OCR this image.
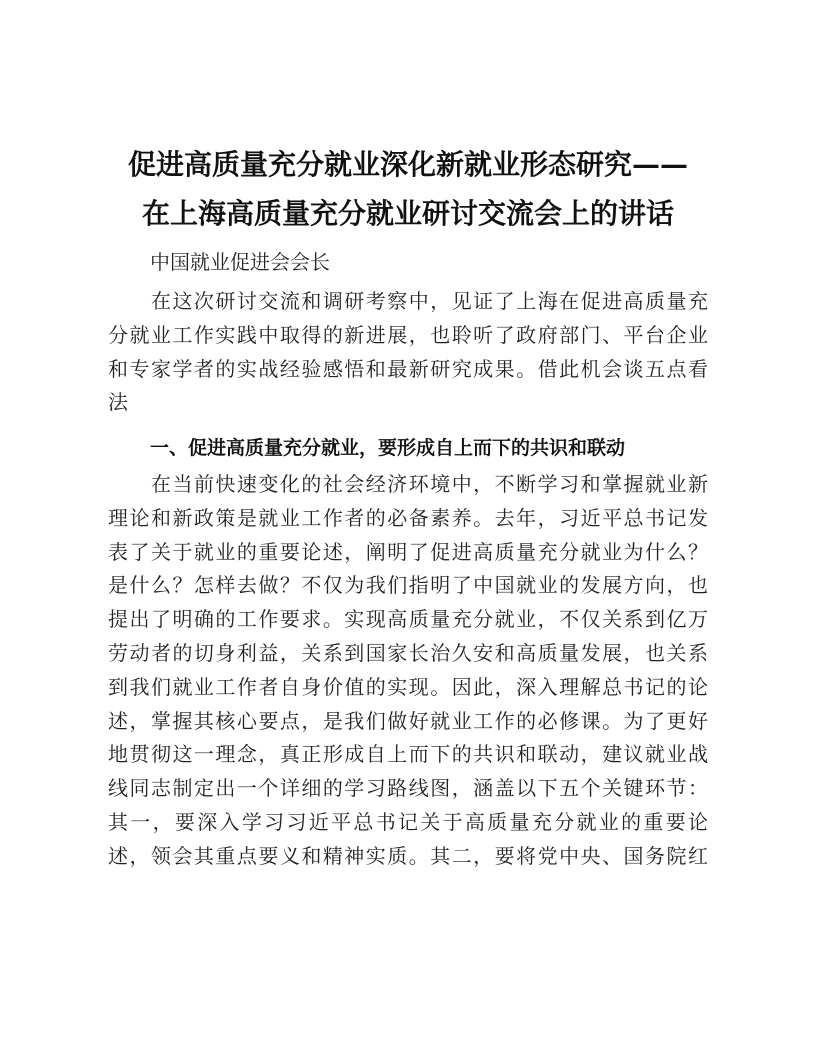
促进高质量充分就业深化新就业形态研究——
在上海高质量充分就业研讨交流会上的讲话
中国就业促进会会长
　　在这次研讨交流和调研考察中，见证了上海在促进高质量充
分就业工作实践中取得的新进展，也聆听了政府部门、平台企业
和专家学者的实战经验感悟和最新研究成果。借此机会谈五点看
法
一、促进高质量充分就业，要形成自上而下的共识和联动
　　在当前快速变化的社会经济环境中，不断学习和掌握就业新
理论和新政策是就业工作者的必备素养。去年，习近平总书记发
表了关于就业的重要论述，阐明了促进高质量充分就业为什么？
是什么？怎样去做？不仅为我们指明了中国就业的发展方向，也
提出了明确的工作要求。实现高质量充分就业，不仅关系到亿万
劳动者的切身利益，关系到国家长治久安和高质量发展，也关系
到我们就业工作者自身价值的实现。因此，深入理解总书记的论
述，掌握其核心要点，是我们做好就业工作的必修课。为了更好
地贯彻这一理念，真正形成自上而下的共识和联动，建议就业战
线同志制定出一个详细的学习路线图，涵盖以下五个关键环节：
其一，要深入学习习近平总书记关于高质量充分就业的重要论
述，领会其重点要义和精神实质。其二，要将党中央、国务院红
